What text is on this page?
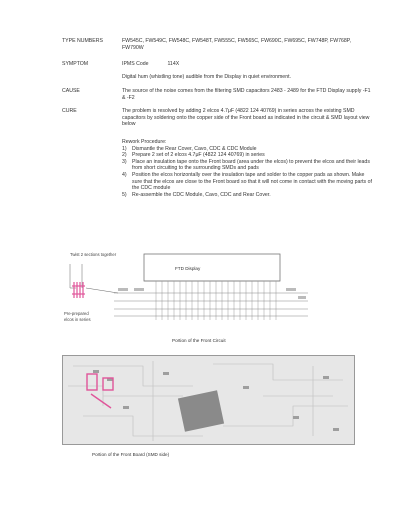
TYPE NUMBERS	FW545C, FW549C, FW548C, FW548T, FW555C, FW565C, FW690C, FW695C, FW748P, FW768P, FW790W
SYMPTOM	IPMS Code	114X
Digital hum (whistling tone) audible from the Display in quiet environment.
CAUSE	The source of the noise comes from the filtering SMD capacitors 2483 - 2489 for the FTD Display supply -F1 & -F2
CURE	The problem is resolved by adding 2 elcos 4.7μF (4822 124 40769) in series across the existing SMD capacitors by soldering onto the copper side of the Front board as indicated in the circuit & SMD layout view below
Rework Procedure:
1)	Dismantle the Rear Cover, Cavo, CDC & CDC Module
2)	Prepare 2 set of 2 elcos 4.7μF (4822 124 40769) in series
3)	Place an insulation tape onto the Front board (area under the elcos) to prevent the elcos and their leads from short circuiting to the surrounding SMDs and pads
4)	Position the elcos horizontally over the insulation tape and solder to the copper pads as shown. Make sure that the elcos are close to the Front board so that it will not come in contact with the moving parts of the CDC module
5)	Re-assemble the CDC Module, Cavo, CDC and Rear Cover.
Twist 2 sections together
FTD Display
Pre-prepared
elcos in series
Portion of the Front Circuit
Portion of the Front Board (SMD side)
